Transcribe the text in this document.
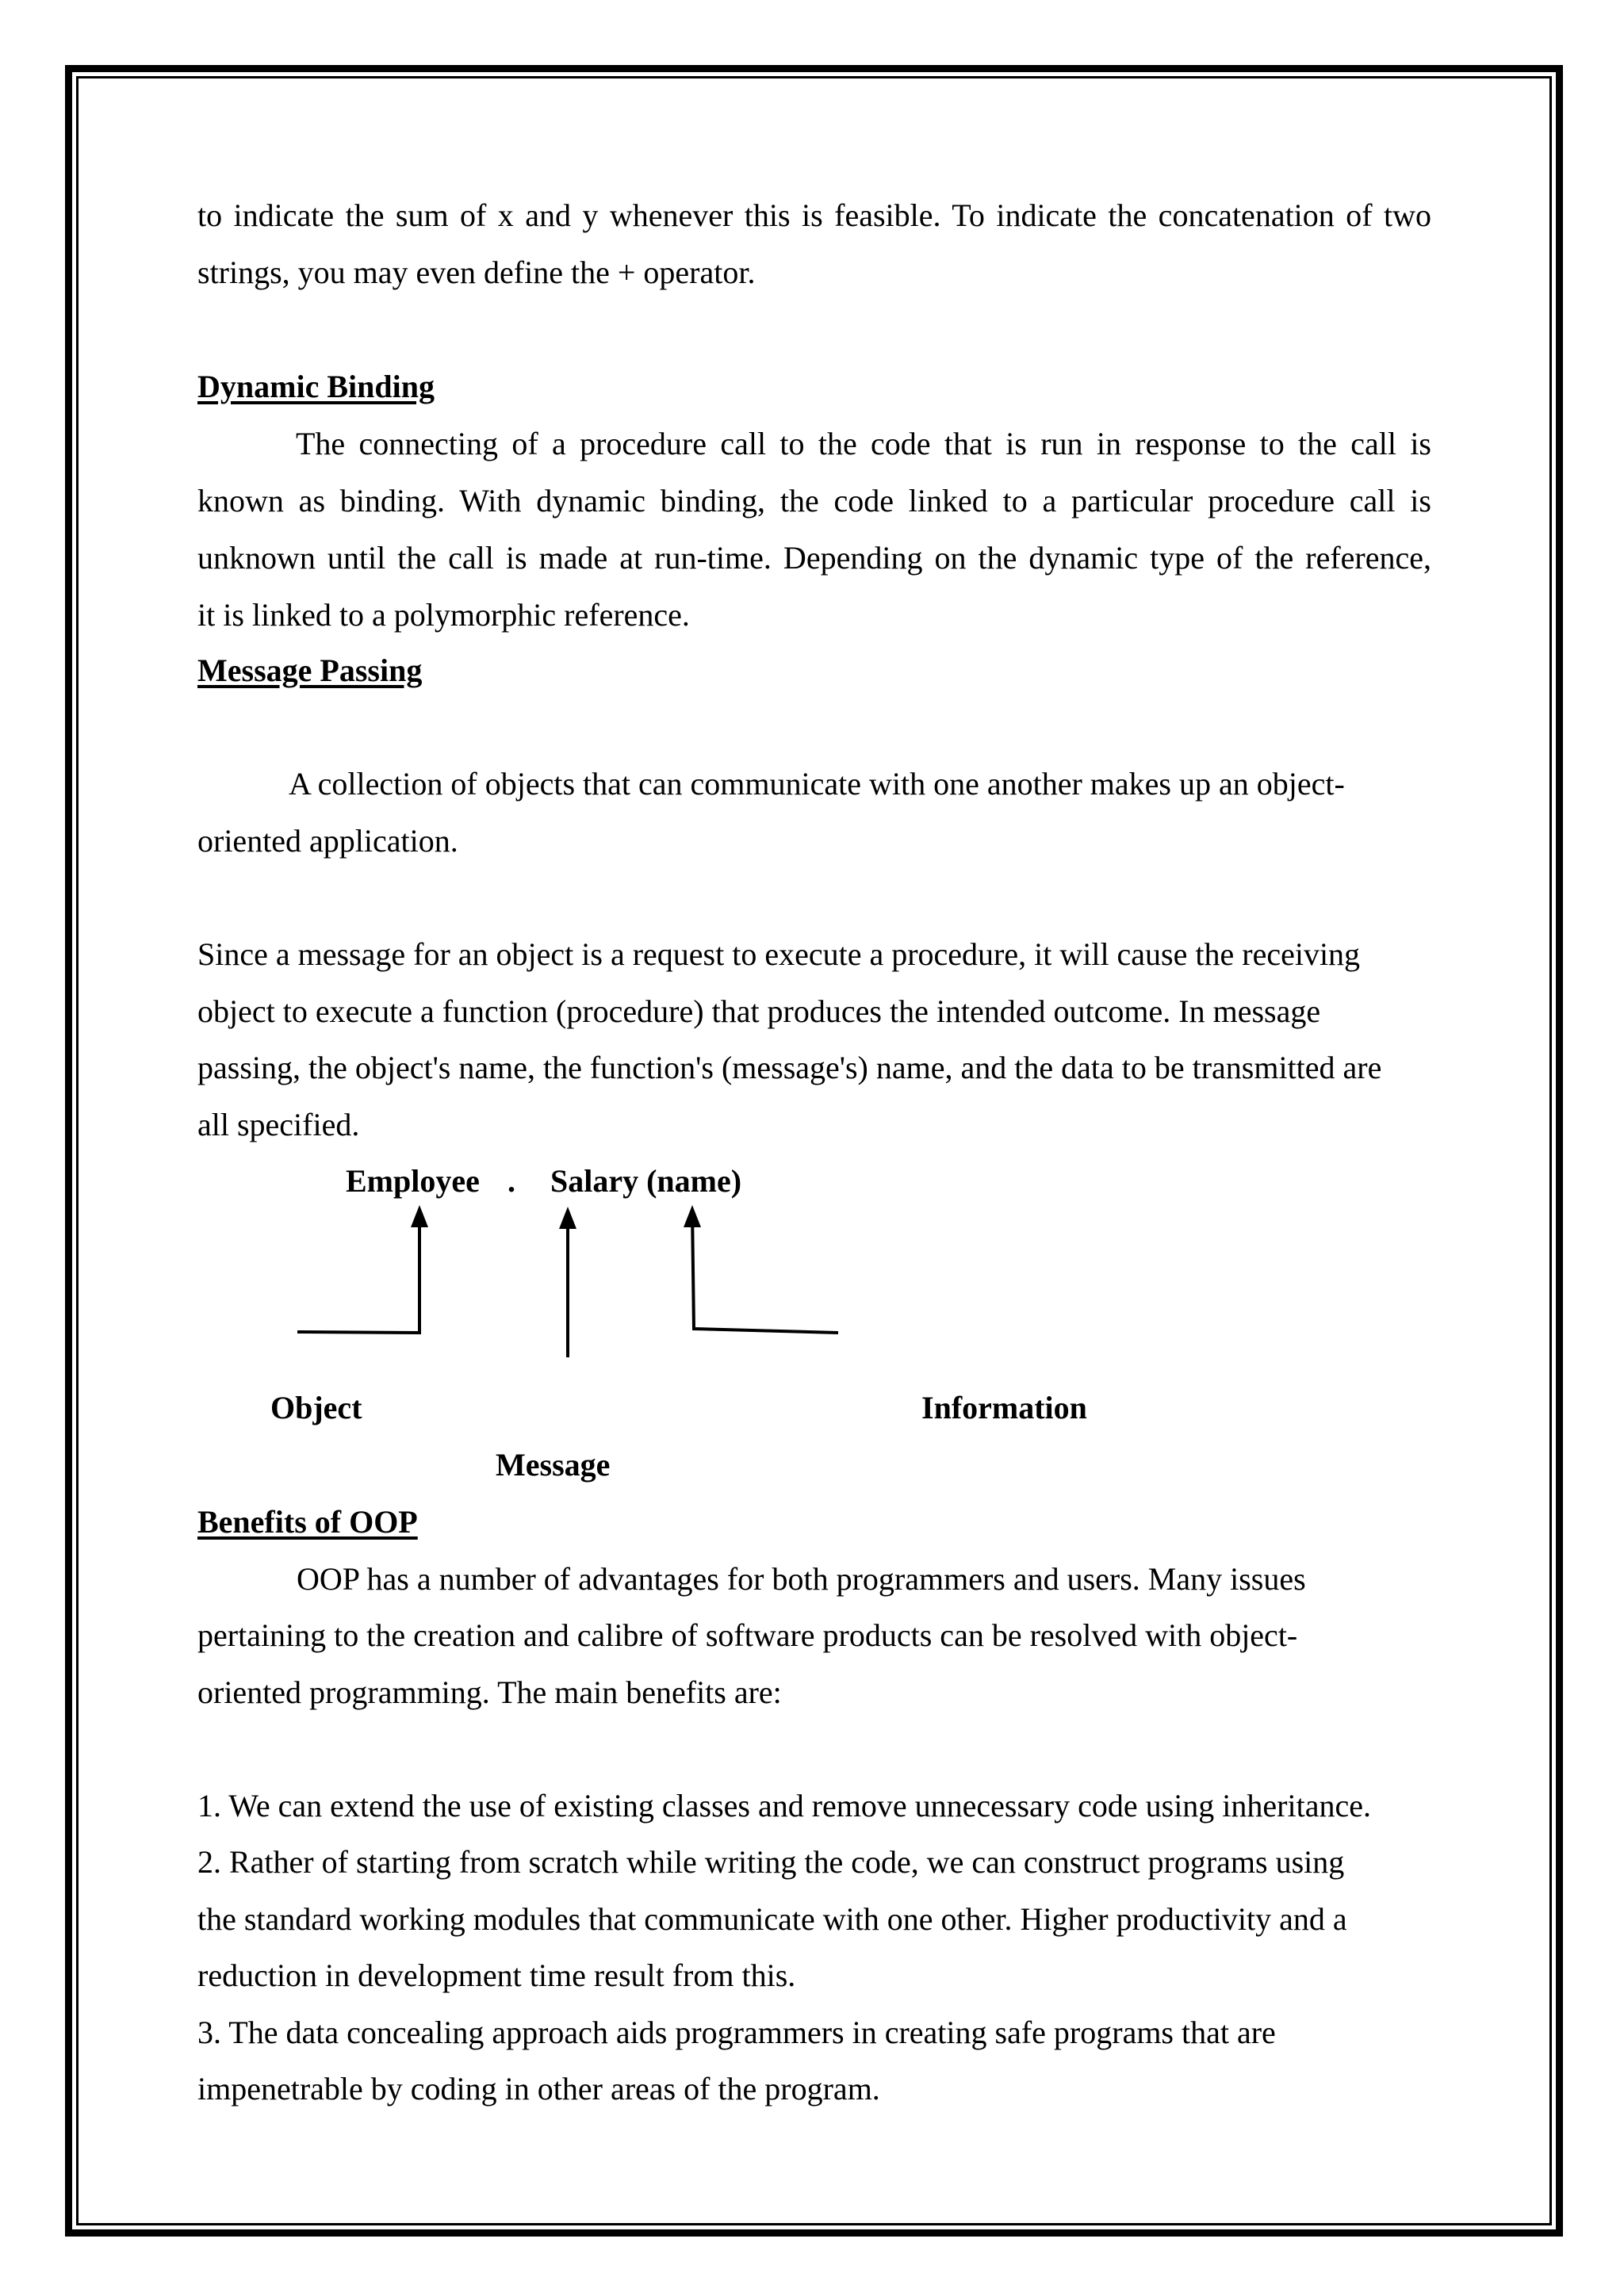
to indicate the sum of x and y whenever this is feasible. To indicate the concatenation of two
strings, you may even define the + operator.
Dynamic Binding
The connecting of a procedure call to the code that is run in response to the call is
known as binding. With dynamic binding, the code linked to a particular procedure call is
unknown until the call is made at run-time. Depending on the dynamic type of the reference,
it is linked to a polymorphic reference.
Message Passing
A collection of objects that can communicate with one another makes up an object-
oriented application.
Since a message for an object is a request to execute a procedure, it will cause the receiving
object to execute a function (procedure) that produces the intended outcome. In message
passing, the object's name, the function's (message's) name, and the data to be transmitted are
all specified.
Employee . Salary (name)
Object	Information
Message
Benefits of OOP
OOP has a number of advantages for both programmers and users. Many issues
pertaining to the creation and calibre of software products can be resolved with object-
oriented programming. The main benefits are:
1. We can extend the use of existing classes and remove unnecessary code using inheritance.
2. Rather of starting from scratch while writing the code, we can construct programs using
the standard working modules that communicate with one other. Higher productivity and a
reduction in development time result from this.
3. The data concealing approach aids programmers in creating safe programs that are
impenetrable by coding in other areas of the program.
